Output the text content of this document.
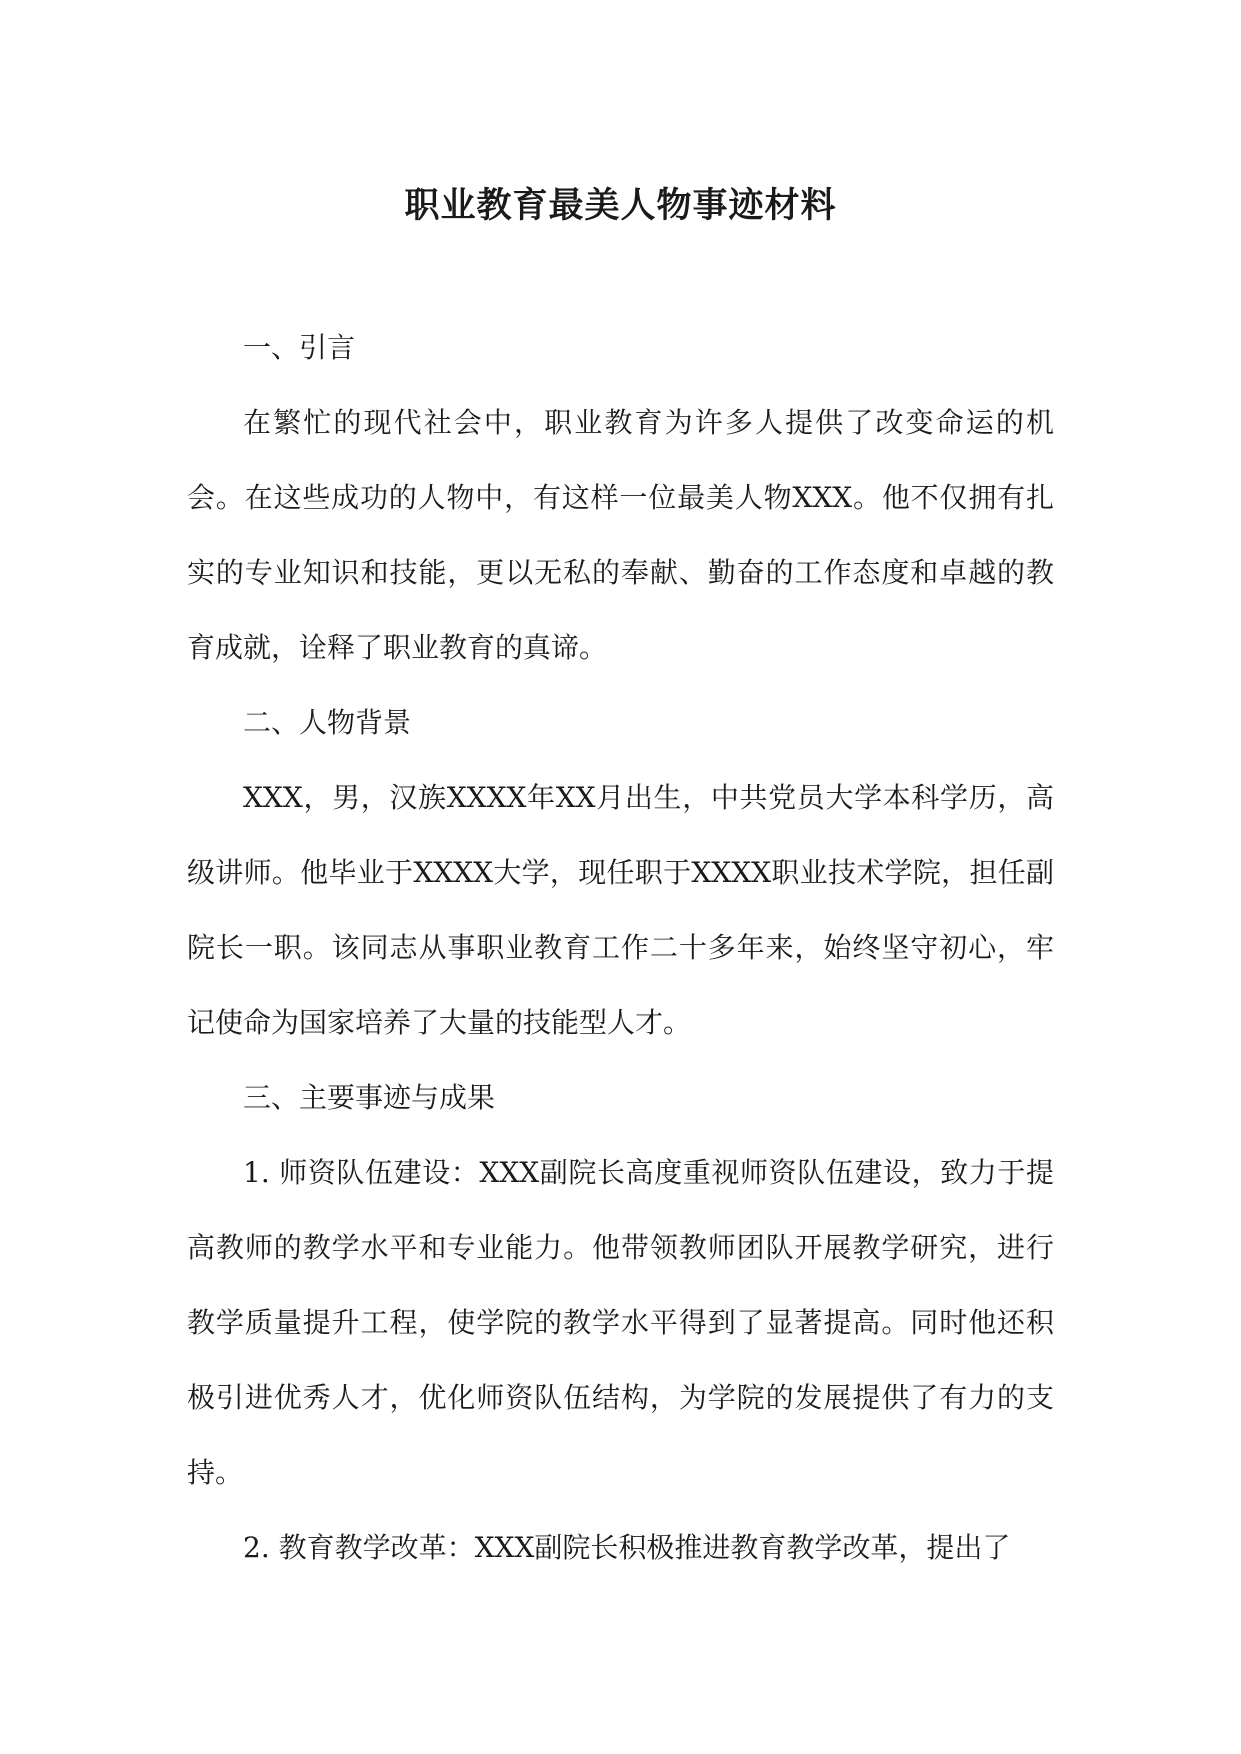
职业教育最美人物事迹材料

一、引言

在繁忙的现代社会中，职业教育为许多人提供了改变命运的机会。在这些成功的人物中，有这样一位最美人物XXX。他不仅拥有扎实的专业知识和技能，更以无私的奉献、勤奋的工作态度和卓越的教育成就，诠释了职业教育的真谛。

二、人物背景

XXX，男，汉族XXXX年XX月出生，中共党员大学本科学历，高级讲师。他毕业于XXXX大学，现任职于XXXX职业技术学院，担任副院长一职。该同志从事职业教育工作二十多年来，始终坚守初心，牢记使命为国家培养了大量的技能型人才。

三、主要事迹与成果

1. 师资队伍建设：XXX副院长高度重视师资队伍建设，致力于提高教师的教学水平和专业能力。他带领教师团队开展教学研究，进行教学质量提升工程，使学院的教学水平得到了显著提高。同时他还积极引进优秀人才，优化师资队伍结构，为学院的发展提供了有力的支持。

2. 教育教学改革：XXX副院长积极推进教育教学改革，提出了
